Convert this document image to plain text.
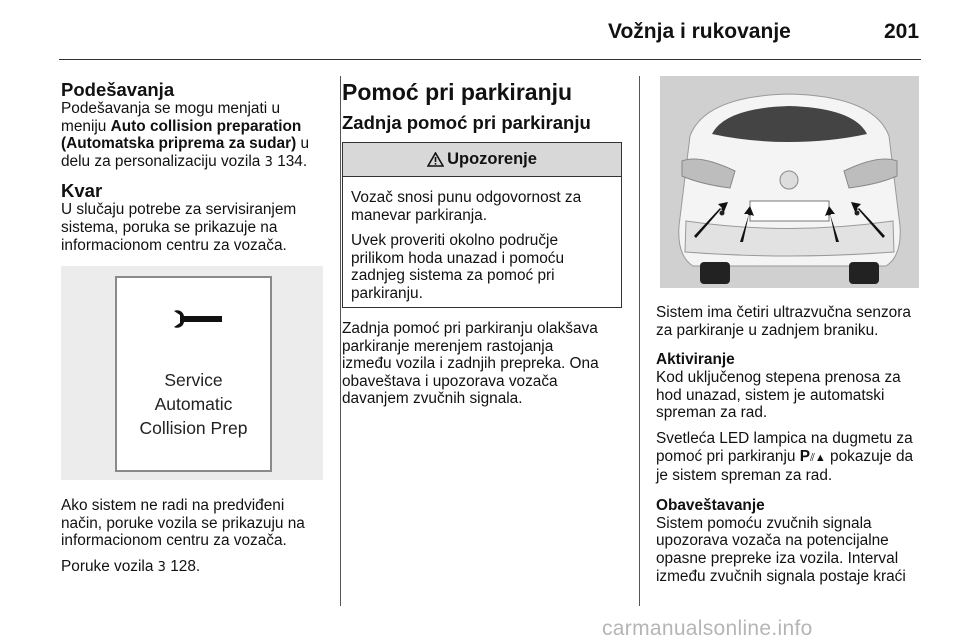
Vožnja i rukovanje	201
Podešavanja

Podešavanja se mogu menjati u
meniju Auto collision preparation
(Automatska priprema za sudar) u
delu za personalizaciju vozila 3 134.

Kvar

U slučaju potrebe za servisiranjem
sistema, poruka se prikazuje na
informacionom centru za vozača.

Service
Automatic
Collision Prep

Ako sistem ne radi na predviđeni
način, poruke vozila se prikazuju na
informacionom centru za vozača.

Poruke vozila 3 128.

Pomoć pri parkiranju
Zadnja pomoć pri parkiranju
Upozorenje

Vozač snosi punu odgovornost za
manevar parkiranja.

Uvek proveriti okolno područje
prilikom hoda unazad i pomoću
zadnjeg sistema za pomoć pri
parkiranju.

Zadnja pomoć pri parkiranju olakšava
parkiranje merenjem rastojanja
između vozila i zadnjih prepreka. Ona
obaveštava i upozorava vozača
davanjem zvučnih signala.

Sistem ima četiri ultrazvučna senzora
za parkiranje u zadnjem braniku.

Aktiviranje

Kod uključenog stepena prenosa za
hod unazad, sistem je automatski
spreman za rad.

Svetleća LED lampica na dugmetu za
pomoć pri parkiranju P⫽▲ pokazuje da
je sistem spreman za rad.

Obaveštavanje

Sistem pomoću zvučnih signala
upozorava vozača na potencijalne
opasne prepreke iza vozila. Interval
između zvučnih signala postaje kraći

carmanualsonline.info
